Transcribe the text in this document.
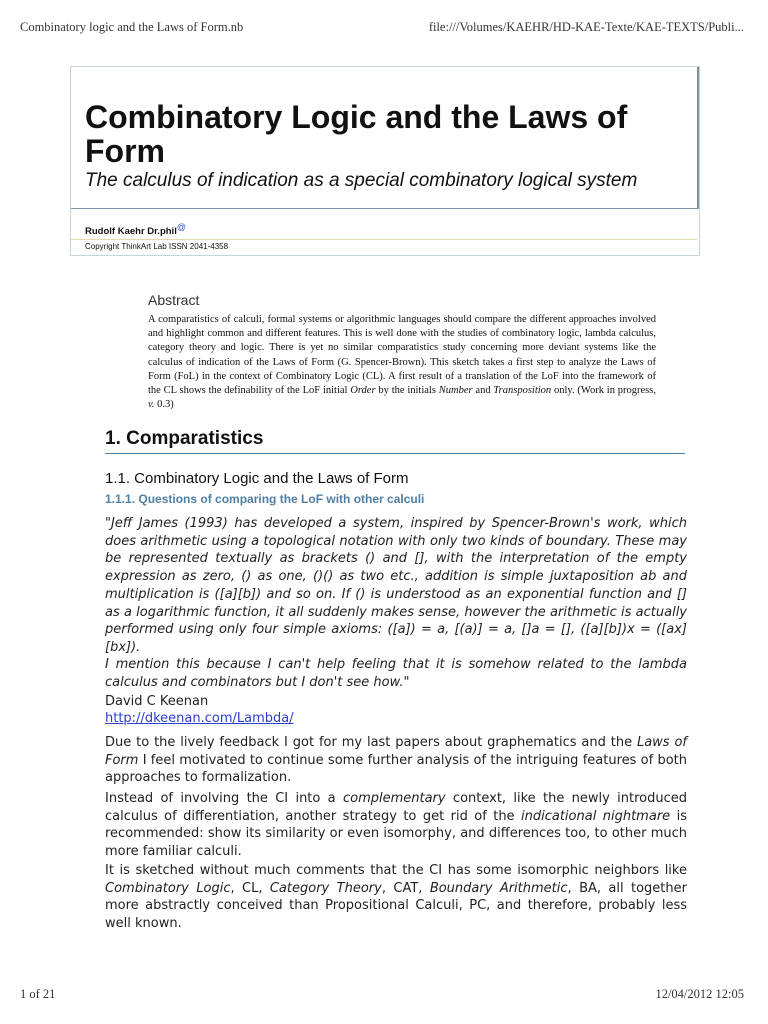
Combinatory logic and the Laws of Form.nb	file:///Volumes/KAEHR/HD-KAE-Texte/KAE-TEXTS/Publi...
Combinatory Logic and the Laws of Form
The calculus of indication as a special combinatory logical system
Rudolf Kaehr Dr.phil@
Copyright ThinkArt Lab ISSN 2041-4358
Abstract
A comparatistics of calculi, formal systems or algorithmic languages should compare the different approaches involved and highlight common and different features. This is well done with the studies of combinatory logic, lambda calculus, category theory and logic. There is yet no similar comparatistics study concerning more deviant systems like the calculus of indication of the Laws of Form (G. Spencer-Brown). This sketch takes a first step to analyze the Laws of Form (FoL) in the context of Combinatory Logic (CL). A first result of a translation of the LoF into the framework of the CL shows the definability of the LoF initial Order by the initials Number and Transposition only. (Work in progress, v. 0.3)
1. Comparatistics
1.1. Combinatory Logic and the Laws of Form
1.1.1. Questions of comparing the LoF with other calculi
"Jeff James (1993) has developed a system, inspired by Spencer-Brown's work, which does arithmetic using a topological notation with only two kinds of boundary. These may be represented textually as brackets () and [], with the interpretation of the empty expression as zero, () as one, ()() as two etc., addition is simple juxtaposition ab and multiplication is ([a][b]) and so on. If () is understood as an exponential function and [] as a logarithmic function, it all suddenly makes sense, however the arithmetic is actually performed using only four simple axioms: ([a]) = a, [(a)] = a, []a = [], ([a][b])x = ([ax][bx]).
I mention this because I can't help feeling that it is somehow related to the lambda calculus and combinators but I don't see how."
David C Keenan
http://dkeenan.com/Lambda/
Due to the lively feedback I got for my last papers about graphematics and the Laws of Form I feel motivated to continue some further analysis of the intriguing features of both approaches to formalization.
Instead of involving the CI into a complementary context, like the newly introduced calculus of differentiation, another strategy to get rid of the indicational nightmare is recommended: show its similarity or even isomorphy, and differences too, to other much more familiar calculi.
It is sketched without much comments that the CI has some isomorphic neighbors like Combinatory Logic, CL, Category Theory, CAT, Boundary Arithmetic, BA, all together more abstractly conceived than Propositional Calculi, PC, and therefore, probably less well known.
1 of 21	12/04/2012 12:05
